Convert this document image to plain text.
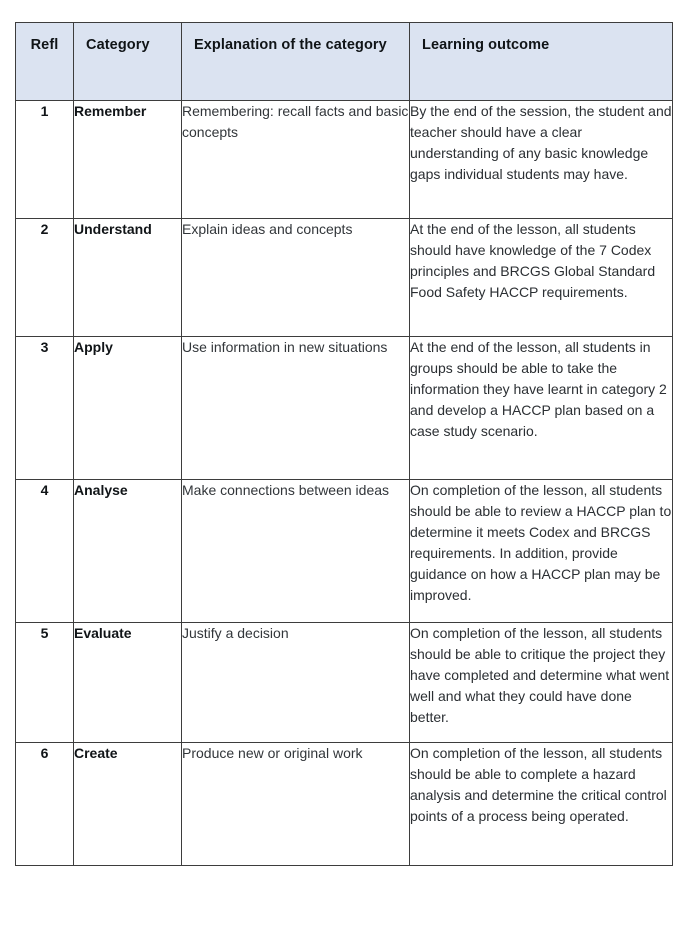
Refl	Category	Explanation of the category	Learning outcome
1	Remember	Remembering: recall facts and basic concepts	By the end of the session, the student and teacher should have a clear understanding of any basic knowledge gaps individual students may have.
2	Understand	Explain ideas and concepts	At the end of the lesson, all students should have knowledge of the 7 Codex principles and BRCGS Global Standard Food Safety HACCP requirements.
3	Apply	Use information in new situations	At the end of the lesson, all students in groups should be able to take the information they have learnt in category 2 and develop a HACCP plan based on a case study scenario.
4	Analyse	Make connections between ideas	On completion of the lesson, all students should be able to review a HACCP plan to determine it meets Codex and BRCGS requirements. In addition, provide guidance on how a HACCP plan may be improved.
5	Evaluate	Justify a decision	On completion of the lesson, all students should be able to critique the project they have completed and determine what went well and what they could have done better.
6	Create	Produce new or original work	On completion of the lesson, all students should be able to complete a hazard analysis and determine the critical control points of a process being operated.
